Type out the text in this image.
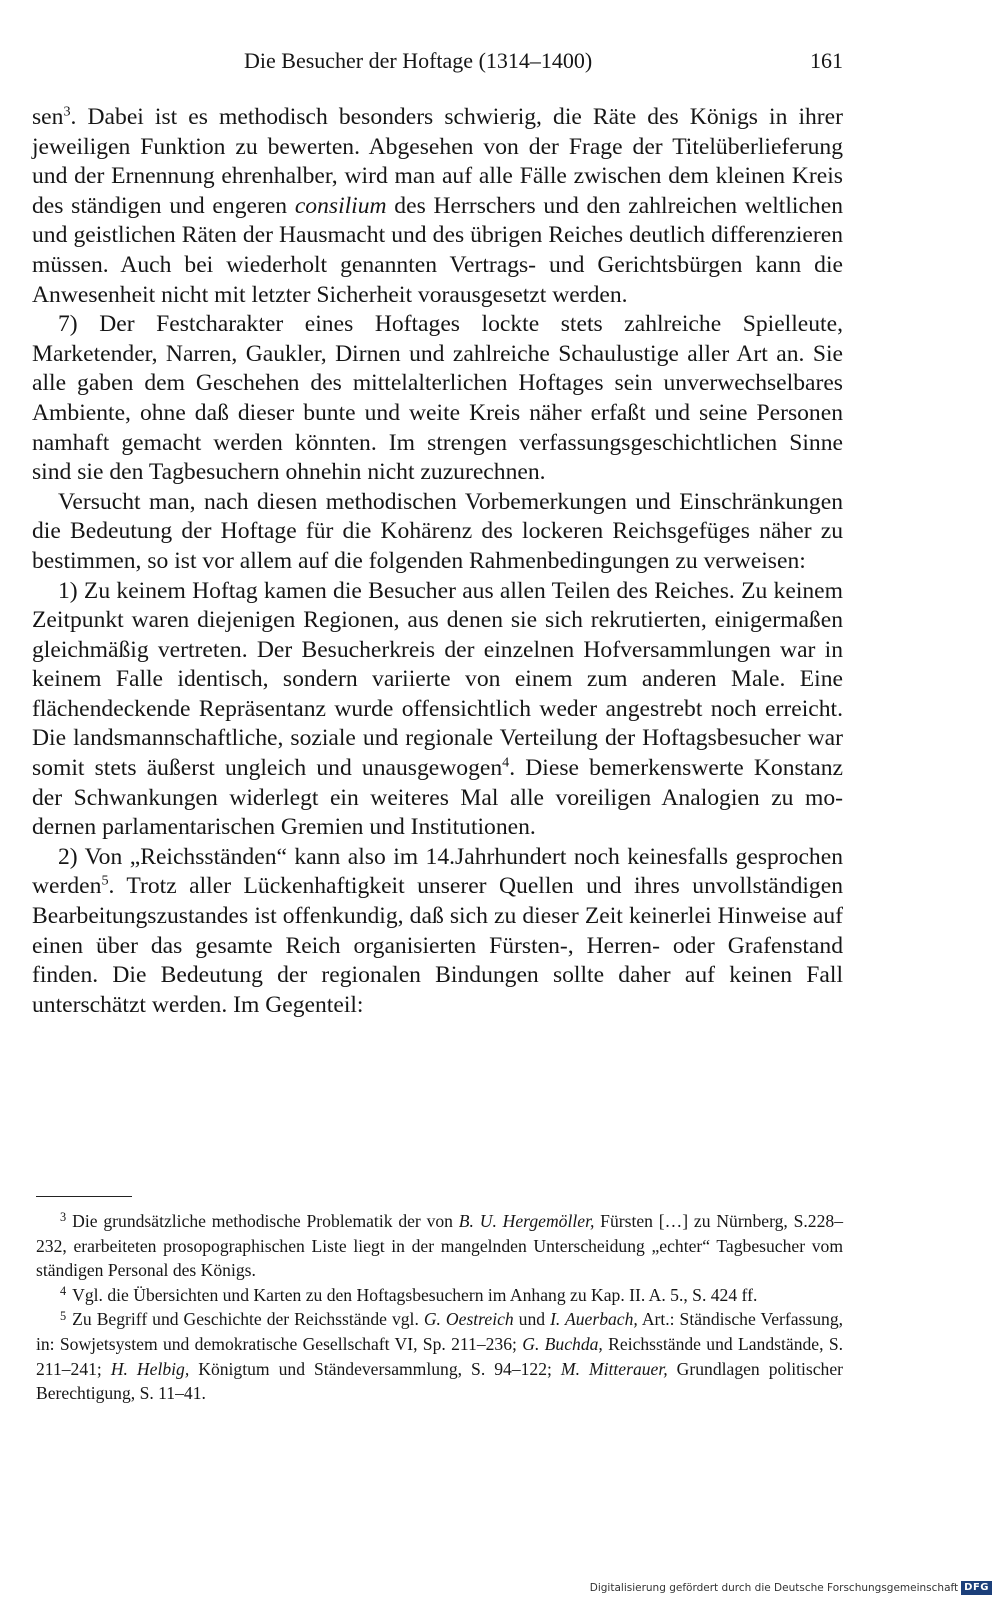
Die Besucher der Hoftage (1314–1400)	161

sen$^3$. Dabei ist es methodisch besonders schwierig, die Räte des Königs in ihrer jeweiligen Funktion zu bewerten. Abgesehen von der Frage der Titelüberlieferung und der Ernennung ehrenhalber, wird man auf alle Fälle zwischen dem kleinen Kreis des ständigen und engeren consilium des Herrschers und den zahlreichen weltlichen und geistlichen Räten der Hausmacht und des übrigen Reiches deutlich differenzieren müssen. Auch bei wiederholt genannten Vertrags- und Gerichtsbürgen kann die Anwesenheit nicht mit letzter Sicherheit vorausgesetzt werden.

7) Der Festcharakter eines Hoftages lockte stets zahlreiche Spielleute, Marketender, Narren, Gaukler, Dirnen und zahlreiche Schaulustige aller Art an. Sie alle gaben dem Geschehen des mittelalterlichen Hoftages sein unverwechselbares Ambiente, ohne daß dieser bunte und weite Kreis näher erfaßt und seine Personen namhaft gemacht werden könnten. Im strengen verfassungsgeschichtlichen Sinne sind sie den Tagbesuchern ohnehin nicht zuzurechnen.

Versucht man, nach diesen methodischen Vorbemerkungen und Einschränkungen die Bedeutung der Hoftage für die Kohärenz des lockeren Reichsgefüges näher zu bestimmen, so ist vor allem auf die folgenden Rahmenbedingungen zu verweisen:

1) Zu keinem Hoftag kamen die Besucher aus allen Teilen des Reiches. Zu keinem Zeitpunkt waren diejenigen Regionen, aus denen sie sich rekrutierten, einigermaßen gleichmäßig vertreten. Der Besucherkreis der einzelnen Hofversammlungen war in keinem Falle identisch, sondern variierte von einem zum anderen Male. Eine flächendeckende Repräsentanz wurde offensichtlich weder angestrebt noch erreicht. Die landsmannschaftliche, soziale und regionale Verteilung der Hoftagsbesucher war somit stets äußerst ungleich und unausgewogen$^4$. Diese bemerkenswerte Konstanz der Schwankungen widerlegt ein weiteres Mal alle voreiligen Analogien zu modernen parlamentarischen Gremien und Institutionen.

2) Von „Reichsständen“ kann also im 14.Jahrhundert noch keinesfalls gesprochen werden$^5$. Trotz aller Lückenhaftigkeit unserer Quellen und ihres unvollständigen Bearbeitungszustandes ist offenkundig, daß sich zu dieser Zeit keinerlei Hinweise auf einen über das gesamte Reich organisierten Fürsten-, Herren- oder Grafenstand finden. Die Bedeutung der regionalen Bindungen sollte daher auf keinen Fall unterschätzt werden. Im Gegenteil:

$^3$ Die grundsätzliche methodische Problematik der von B. U. Hergemöller, Fürsten […] zu Nürnberg, S.228–232, erarbeiteten prosopographischen Liste liegt in der mangelnden Unterscheidung „echter“ Tagbesucher vom ständigen Personal des Königs.

$^4$ Vgl. die Übersichten und Karten zu den Hoftagsbesuchern im Anhang zu Kap. II. A. 5., S. 424 ff.

$^5$ Zu Begriff und Geschichte der Reichsstände vgl. G. Oestreich und I. Auerbach, Art.: Ständische Verfassung, in: Sowjetsystem und demokratische Gesellschaft VI, Sp. 211–236; G. Buchda, Reichsstände und Landstände, S. 211–241; H. Helbig, Königtum und Ständeversammlung, S. 94–122; M. Mitterauer, Grundlagen politischer Berechtigung, S. 11–41.

Digitalisierung gefördert durch die Deutsche Forschungsgemeinschaft DFG
